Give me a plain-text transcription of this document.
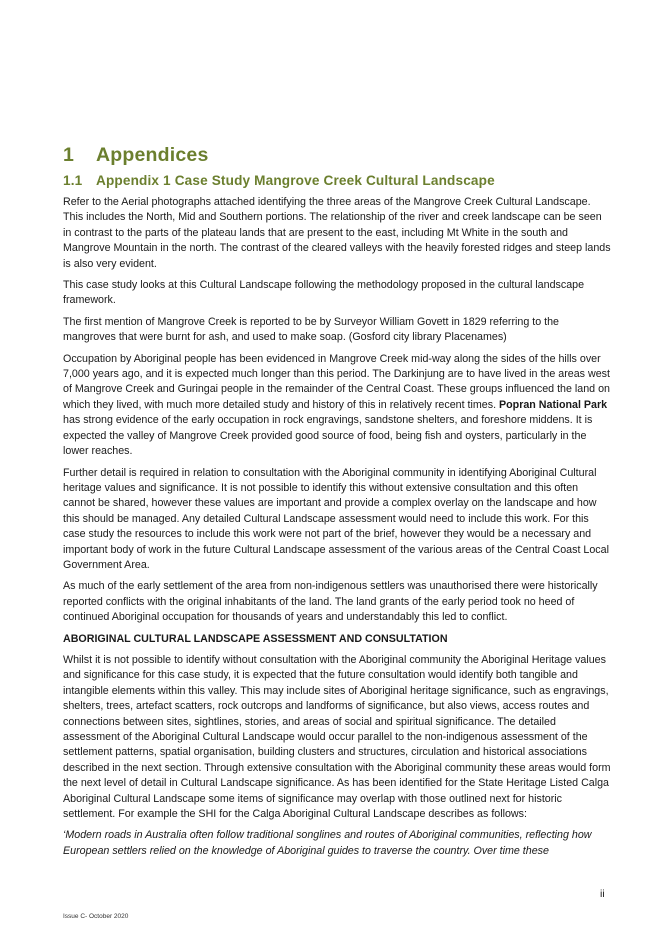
1 Appendices
1.1 Appendix 1 Case Study Mangrove Creek Cultural Landscape

Refer to the Aerial photographs attached identifying the three areas of the Mangrove Creek Cultural Landscape. This includes the North, Mid and Southern portions. The relationship of the river and creek landscape can be seen in contrast to the parts of the plateau lands that are present to the east, including Mt White in the south and Mangrove Mountain in the north. The contrast of the cleared valleys with the heavily forested ridges and steep lands is also very evident.

This case study looks at this Cultural Landscape following the methodology proposed in the cultural landscape framework.

The first mention of Mangrove Creek is reported to be by Surveyor William Govett in 1829 referring to the mangroves that were burnt for ash, and used to make soap. (Gosford city library Placenames)

Occupation by Aboriginal people has been evidenced in Mangrove Creek mid-way along the sides of the hills over 7,000 years ago, and it is expected much longer than this period. The Darkinjung are to have lived in the areas west of Mangrove Creek and Guringai people in the remainder of the Central Coast. These groups influenced the land on which they lived, with much more detailed study and history of this in relatively recent times. Popran National Park has strong evidence of the early occupation in rock engravings, sandstone shelters, and foreshore middens. It is expected the valley of Mangrove Creek provided good source of food, being fish and oysters, particularly in the lower reaches.

Further detail is required in relation to consultation with the Aboriginal community in identifying Aboriginal Cultural heritage values and significance. It is not possible to identify this without extensive consultation and this often cannot be shared, however these values are important and provide a complex overlay on the landscape and how this should be managed. Any detailed Cultural Landscape assessment would need to include this work. For this case study the resources to include this work were not part of the brief, however they would be a necessary and important body of work in the future Cultural Landscape assessment of the various areas of the Central Coast Local Government Area.

As much of the early settlement of the area from non-indigenous settlers was unauthorised there were historically reported conflicts with the original inhabitants of the land. The land grants of the early period took no heed of continued Aboriginal occupation for thousands of years and understandably this led to conflict.

ABORIGINAL CULTURAL LANDSCAPE ASSESSMENT AND CONSULTATION

Whilst it is not possible to identify without consultation with the Aboriginal community the Aboriginal Heritage values and significance for this case study, it is expected that the future consultation would identify both tangible and intangible elements within this valley. This may include sites of Aboriginal heritage significance, such as engravings, shelters, trees, artefact scatters, rock outcrops and landforms of significance, but also views, access routes and connections between sites, sightlines, stories, and areas of social and spiritual significance. The detailed assessment of the Aboriginal Cultural Landscape would occur parallel to the non-indigenous assessment of the settlement patterns, spatial organisation, building clusters and structures, circulation and historical associations described in the next section. Through extensive consultation with the Aboriginal community these areas would form the next level of detail in Cultural Landscape significance. As has been identified for the State Heritage Listed Calga Aboriginal Cultural Landscape some items of significance may overlap with those outlined next for historic settlement. For example the SHI for the Calga Aboriginal Cultural Landscape describes as follows:

‘Modern roads in Australia often follow traditional songlines and routes of Aboriginal communities, reflecting how European settlers relied on the knowledge of Aboriginal guides to traverse the country. Over time these

ii
Issue C- October 2020
